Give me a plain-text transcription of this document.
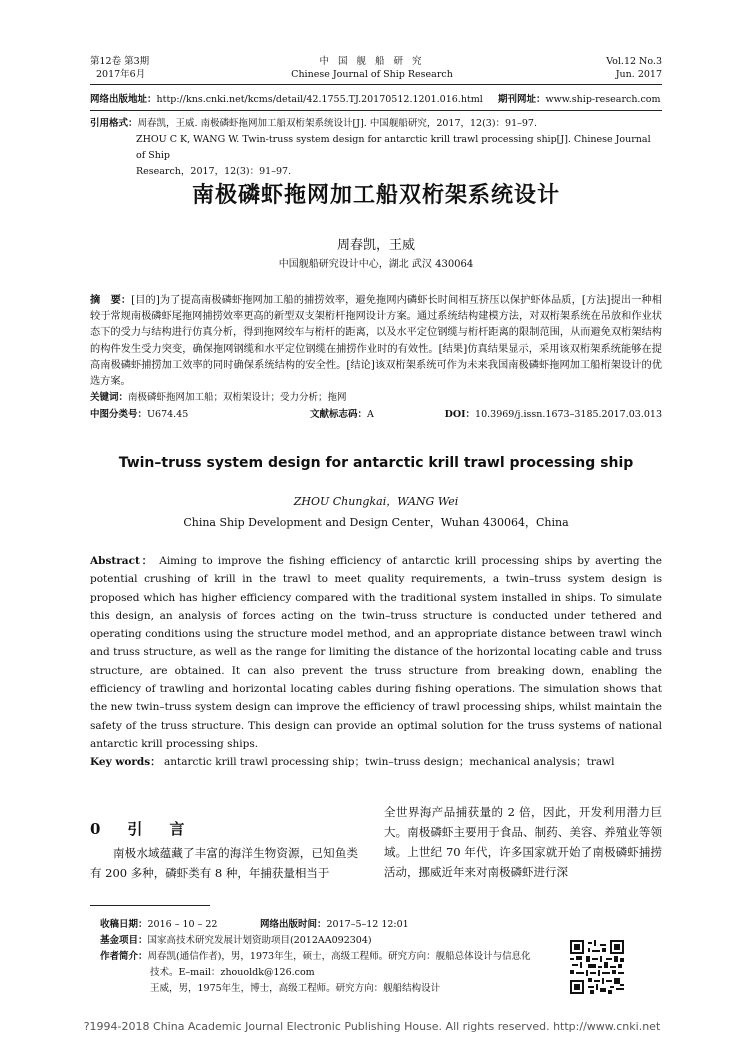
第12卷 第3期
2017年6月
中 国 舰 船 研 究
Chinese Journal of Ship Research
Vol.12 No.3
Jun. 2017
网络出版地址：http://kns.cnki.net/kcms/detail/42.1755.TJ.20170512.1201.016.html 期刊网址：www.ship-research.com
引用格式：周春凯，王威. 南极磷虾拖网加工船双桁架系统设计[J]. 中国舰船研究，2017，12(3)：91–97.
ZHOU C K, WANG W. Twin-truss system design for antarctic krill trawl processing ship[J]. Chinese Journal of Ship
Research，2017，12(3)：91–97.
南极磷虾拖网加工船双桁架系统设计
周春凯，王威
中国舰船研究设计中心，湖北 武汉 430064
摘　要：[目的]为了提高南极磷虾拖网加工船的捕捞效率，避免拖网内磷虾长时间相互挤压以保护虾体品质，[方法]提出一种相较于常规南极磷虾尾拖网捕捞效率更高的新型双支架桁杆拖网设计方案。通过系统结构建模方法，对双桁架系统在吊放和作业状态下的受力与结构进行仿真分析，得到拖网绞车与桁杆的距离，以及水平定位钢缆与桁杆距离的限制范围，从而避免双桁架结构的构件发生受力突变，确保拖网钢缆和水平定位钢缆在捕捞作业时的有效性。[结果]仿真结果显示，采用该双桁架系统能够在提高南极磷虾捕捞加工效率的同时确保系统结构的安全性。[结论]该双桁架系统可作为未来我国南极磷虾拖网加工船桁架设计的优选方案。
关键词：南极磷虾拖网加工船；双桁架设计；受力分析；拖网
中图分类号：U674.45	文献标志码：A	DOI：10.3969/j.issn.1673–3185.2017.03.013
Twin–truss system design for antarctic krill trawl processing ship
ZHOU Chungkai，WANG Wei
China Ship Development and Design Center，Wuhan 430064，China
Abstract： Aiming to improve the fishing efficiency of antarctic krill processing ships by averting the potential crushing of krill in the trawl to meet quality requirements, a twin–truss system design is proposed which has higher efficiency compared with the traditional system installed in ships. To simulate this design, an analysis of forces acting on the twin–truss structure is conducted under tethered and operating conditions using the structure model method, and an appropriate distance between trawl winch and truss structure, as well as the range for limiting the distance of the horizontal locating cable and truss structure, are obtained. It can also prevent the truss structure from breaking down, enabling the efficiency of trawling and horizontal locating cables during fishing operations. The simulation shows that the new twin–truss system design can improve the efficiency of trawl processing ships, whilst maintain the safety of the truss structure. This design can provide an optimal solution for the truss systems of national antarctic krill processing ships.
Key words： antarctic krill trawl processing ship；twin–truss design；mechanical analysis；trawl
0　引　言
南极水域蕴藏了丰富的海洋生物资源，已知鱼类有 200 多种，磷虾类有 8 种，年捕获量相当于
全世界海产品捕获量的 2 倍，因此，开发利用潜力巨大。南极磷虾主要用于食品、制药、美容、养殖业等领域。上世纪 70 年代，许多国家就开始了南极磷虾捕捞活动，挪威近年来对南极磷虾进行深
收稿日期：2016 – 10 – 22	网络出版时间：2017–5–12 12:01
基金项目：国家高技术研究发展计划资助项目(2012AA092304)
作者简介：周春凯(通信作者)，男，1973年生，硕士，高级工程师。研究方向：舰船总体设计与信息化
技术。E–mail：zhouoldk@126.com
王威，男，1975年生，博士，高级工程师。研究方向：舰船结构设计
?1994-2018 China Academic Journal Electronic Publishing House. All rights reserved. http://www.cnki.net
